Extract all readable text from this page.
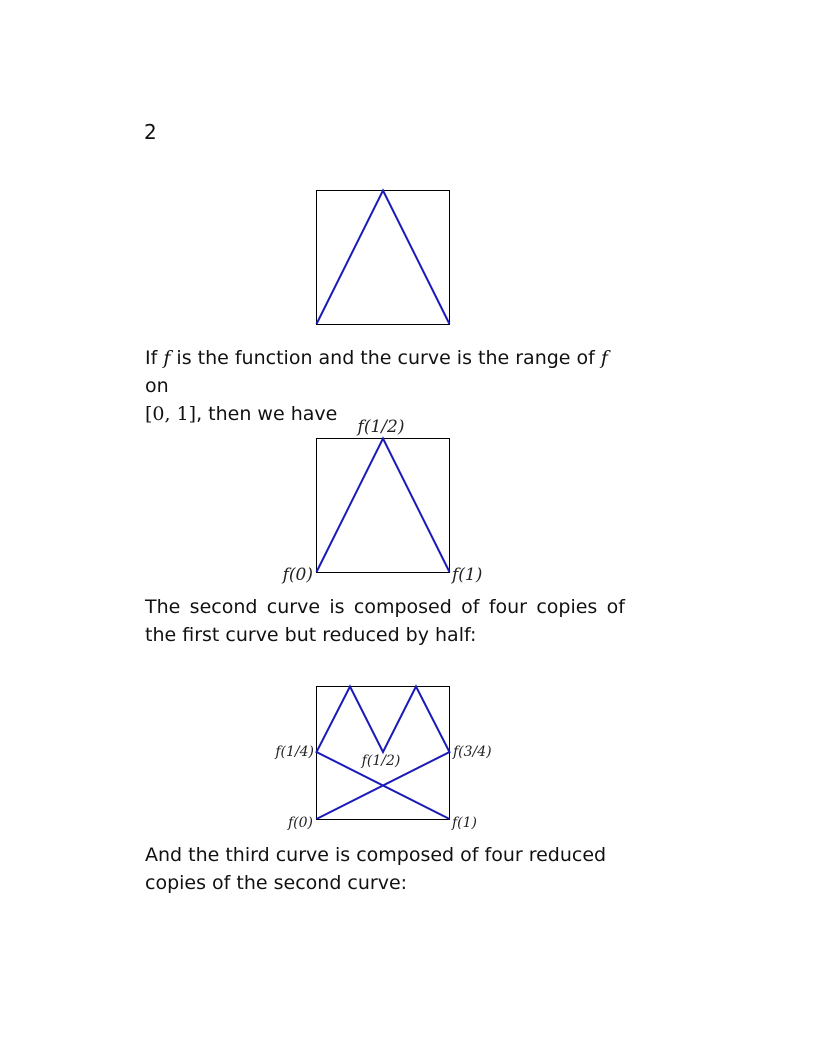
2

If f is the function and the curve is the range of f on
[0, 1], then we have

f(1/2)
f(0)	f(1)

The second curve is composed of four copies of the first curve but reduced by half:

f(1/4)
f(1/2)
f(3/4)
f(0)	f(1)

And the third curve is composed of four reduced copies of the second curve:
